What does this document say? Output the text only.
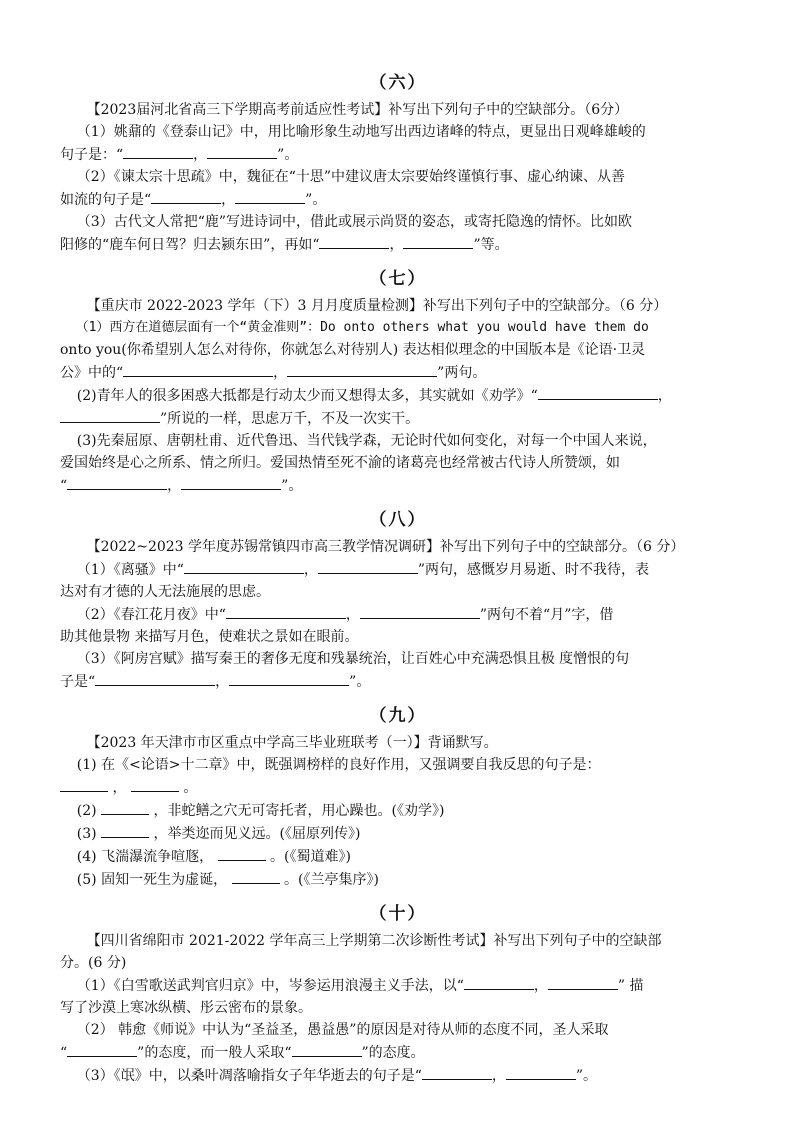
（六）

【2023届河北省高三下学期高考前适应性考试】补写出下列句子中的空缺部分。（6分）

（1）姚鼐的《登泰山记》中，用比喻形象生动地写出西边诸峰的特点，更显出日观峰雄峻的

句子是：“	，	”。

（2）《谏太宗十思疏》中，魏征在“十思”中建议唐太宗要始终谨慎行事、虚心纳谏、从善

如流的句子是“	，	”。

（3）古代文人常把“鹿”写进诗词中，借此或展示尚贤的姿态，或寄托隐逸的情怀。比如欧

阳修的“鹿车何日驾？归去颍东田”，再如“	，	”等。

（七）

【重庆市 2022-2023 学年（下）3 月月度质量检测】补写出下列句子中的空缺部分。（6 分）

（1）西方在道德层面有一个“黄金准则”：Do onto others what you would have them do

onto you(你希望别人怎么对待你，你就怎么对待别人) 表达相似理念的中国版本是《论语·卫灵

公》中的“	，	”两句。

(2)青年人的很多困惑大抵都是行动太少而又想得太多，其实就如《劝学》“	，

”所说的一样，思虑万千，不及一次实干。

(3)先秦屈原、唐朝杜甫、近代鲁迅、当代钱学森，无论时代如何变化，对每一个中国人来说，

爱国始终是心之所系、情之所归。爱国热情至死不渝的诸葛亮也经常被古代诗人所赞颂，如

“	，	”。

（八）

【2022~2023 学年度苏锡常镇四市高三教学情况调研】补写出下列句子中的空缺部分。（6 分）

（1）《离骚》中“	，	”两句，感慨岁月易逝、时不我待，表

达对有才德的人无法施展的思虑。

（2）《春江花月夜》中“	，	”两句不着“月”字，借

助其他景物 来描写月色，使难状之景如在眼前。

（3）《阿房宫赋》描写秦王的奢侈无度和残暴统治，让百姓心中充满恐惧且极 度憎恨的句

子是“	，	”。

（九）

【2023 年天津市市区重点中学高三毕业班联考（一）】背诵默写。

(1) 在《<论语>十二章》中，既强调榜样的良好作用，又强调要自我反思的句子是：

，	。

(2)	，非蛇鳝之穴无可寄托者，用心躁也。(《劝学》)

(3)	，举类迩而见义远。(《屈原列传》)

(4) 飞湍瀑流争喧豗，	。(《蜀道难》)

(5) 固知一死生为虚诞，	。(《兰亭集序》)

（十）

【四川省绵阳市 2021-2022 学年高三上学期第二次诊断性考试】补写出下列句子中的空缺部

分。(6 分)

（1）《白雪歌送武判官归京》中，岑参运用浪漫主义手法，以“	，	” 描

写了沙漠上寒冰纵横、彤云密布的景象。

（2） 韩愈《师说》中认为“圣益圣，愚益愚”的原因是对待从师的态度不同，圣人采取

“	”的态度，而一般人采取“	”的态度。

（3）《氓》中，以桑叶凋落喻指女子年华逝去的句子是“	，	”。
